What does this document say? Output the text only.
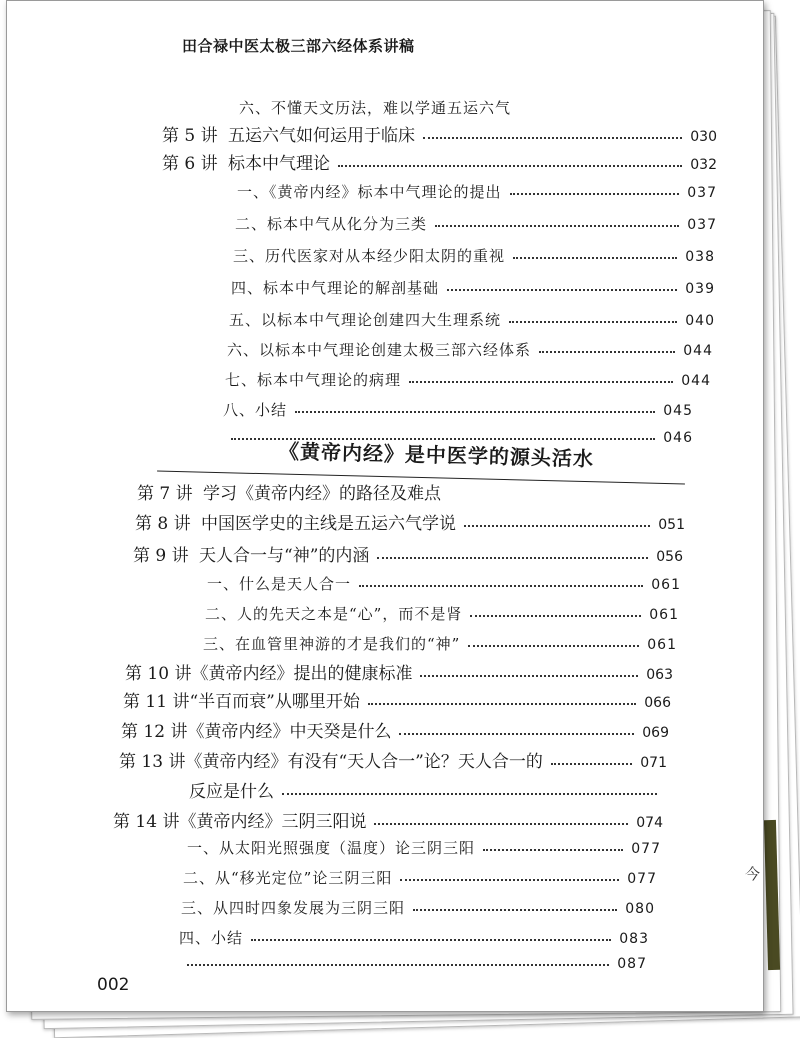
田合禄中医太极三部六经体系讲稿
六、不懂天文历法，难以学通五运六气
第 5 讲 五运六气如何运用于临床	030
第 6 讲 标本中气理论	032
一、《黄帝内经》标本中气理论的提出	037
二、标本中气从化分为三类	037
三、历代医家对从本经少阳太阴的重视	038
四、标本中气理论的解剖基础	039
五、以标本中气理论创建四大生理系统	040
六、以标本中气理论创建太极三部六经体系	044
七、标本中气理论的病理	044
八、小结	045
046
《黄帝内经》是中医学的源头活水
第 7 讲 学习《黄帝内经》的路径及难点
第 8 讲 中国医学史的主线是五运六气学说	051
第 9 讲 天人合一与“神”的内涵	056
一、什么是天人合一	061
二、人的先天之本是“心”，而不是肾	061
三、在血管里神游的才是我们的“神”	061
第 10 讲 《黄帝内经》提出的健康标准	063
第 11 讲 “半百而衰”从哪里开始	066
第 12 讲 《黄帝内经》中天癸是什么	069
第 13 讲 《黄帝内经》有没有“天人合一”论？天人合一的	071
反应是什么
第 14 讲 《黄帝内经》三阴三阳说	074
一、从太阳光照强度（温度）论三阴三阳	077
二、从“移光定位”论三阴三阳	077
三、从四时四象发展为三阴三阳	080
四、小结	083
087
今
002
